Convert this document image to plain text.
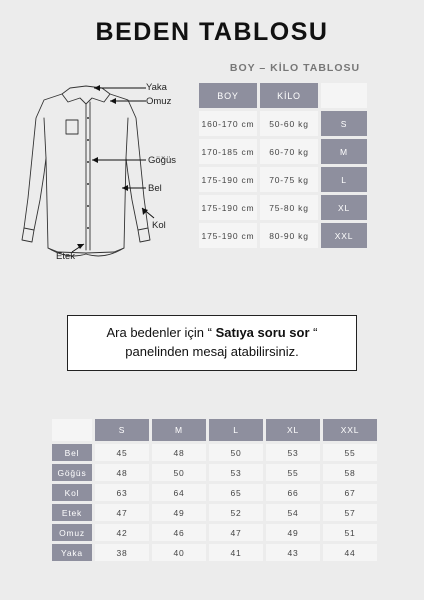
BEDEN TABLOSU
Yaka
Omuz
Göğüs
Bel
Kol
Etek
BOY – KİLO TABLOSU
BOY	KİLO	
160-170 cm	50-60 kg	S
170-185 cm	60-70 kg	M
175-190 cm	70-75 kg	L
175-190 cm	75-80 kg	XL
175-190 cm	80-90 kg	XXL
Ara bedenler için “ Satıya soru sor “
panelinden mesaj atabilirsiniz.
	S	M	L	XL	XXL
Bel	45	48	50	53	55
Göğüs	48	50	53	55	58
Kol	63	64	65	66	67
Etek	47	49	52	54	57
Omuz	42	46	47	49	51
Yaka	38	40	41	43	44
